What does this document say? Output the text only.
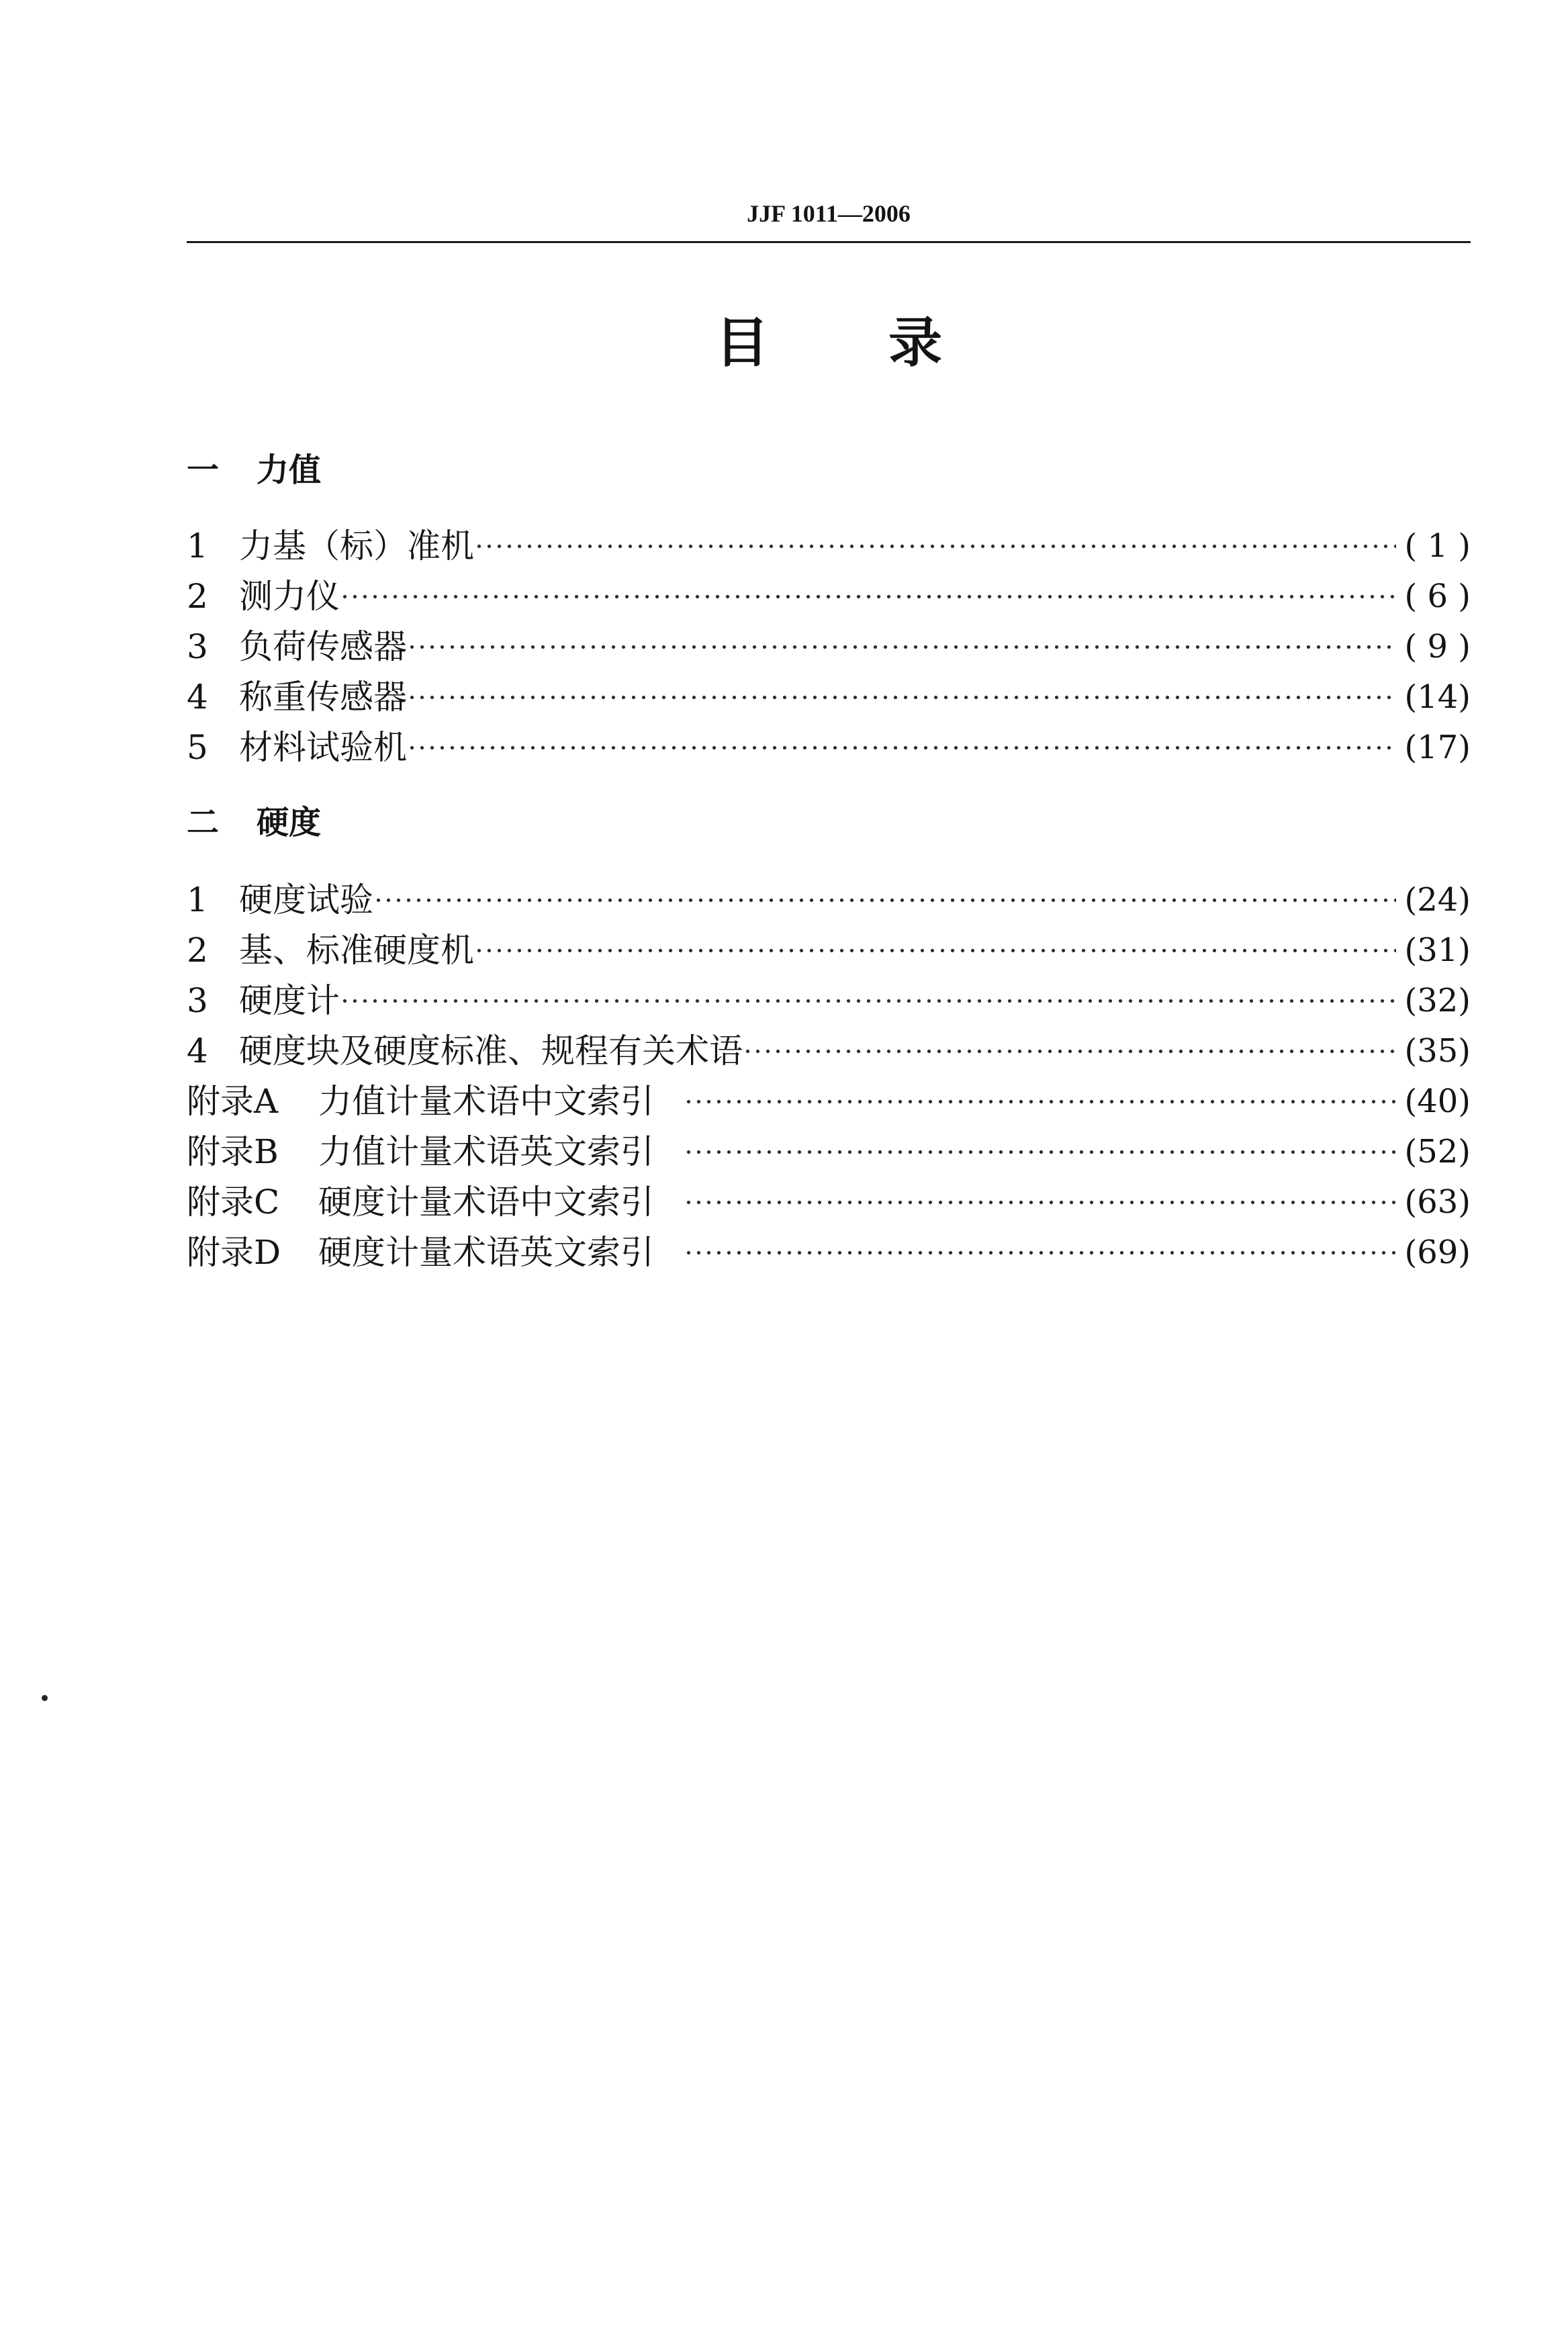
JJF 1011—2006
目录
一	力值
1 力基（标）准机	( 1 )
2 测力仪	( 6 )
3 负荷传感器	( 9 )
4 称重传感器	(14)
5 材料试验机	(17)
二	硬度
1 硬度试验	(24)
2 基、标准硬度机	(31)
3 硬度计	(32)
4 硬度块及硬度标准、规程有关术语	(35)
附录A	力值计量术语中文索引	(40)
附录B	力值计量术语英文索引	(52)
附录C	硬度计量术语中文索引	(63)
附录D	硬度计量术语英文索引	(69)
